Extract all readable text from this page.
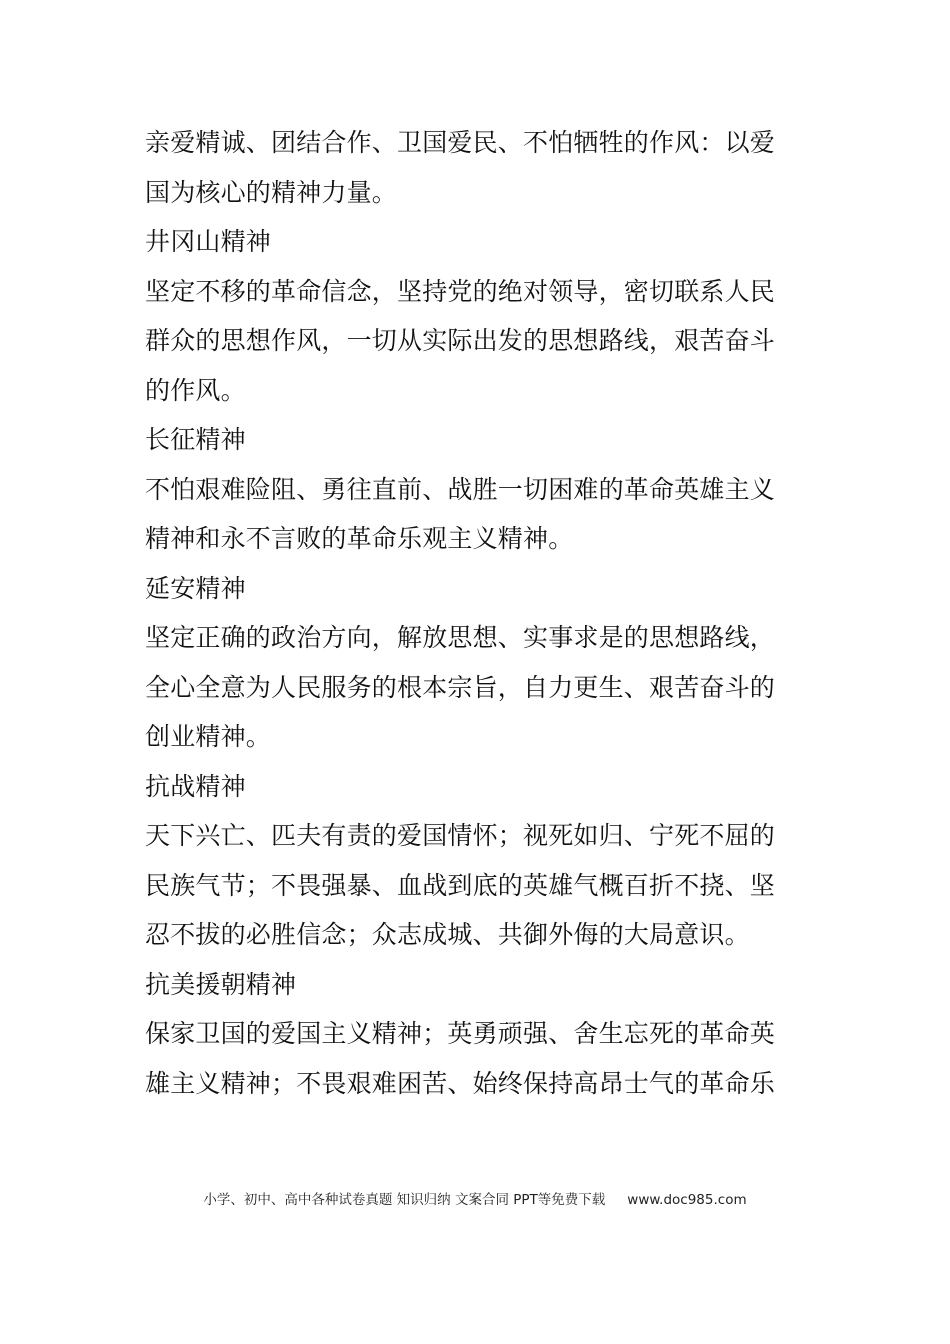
亲爱精诚、团结合作、卫国爱民、不怕牺牲的作风：以爱
国为核心的精神力量。
井冈山精神
坚定不移的革命信念，坚持党的绝对领导，密切联系人民
群众的思想作风，一切从实际出发的思想路线，艰苦奋斗
的作风。
长征精神
不怕艰难险阻、勇往直前、战胜一切困难的革命英雄主义
精神和永不言败的革命乐观主义精神。
延安精神
坚定正确的政治方向，解放思想、实事求是的思想路线，
全心全意为人民服务的根本宗旨，自力更生、艰苦奋斗的
创业精神。
抗战精神
天下兴亡、匹夫有责的爱国情怀；视死如归、宁死不屈的
民族气节；不畏强暴、血战到底的英雄气概百折不挠、坚
忍不拔的必胜信念；众志成城、共御外侮的大局意识。
抗美援朝精神
保家卫国的爱国主义精神；英勇顽强、舍生忘死的革命英
雄主义精神；不畏艰难困苦、始终保持高昂士气的革命乐
小学、初中、高中各种试卷真题 知识归纳 文案合同 PPT等免费下载 www.doc985.com
